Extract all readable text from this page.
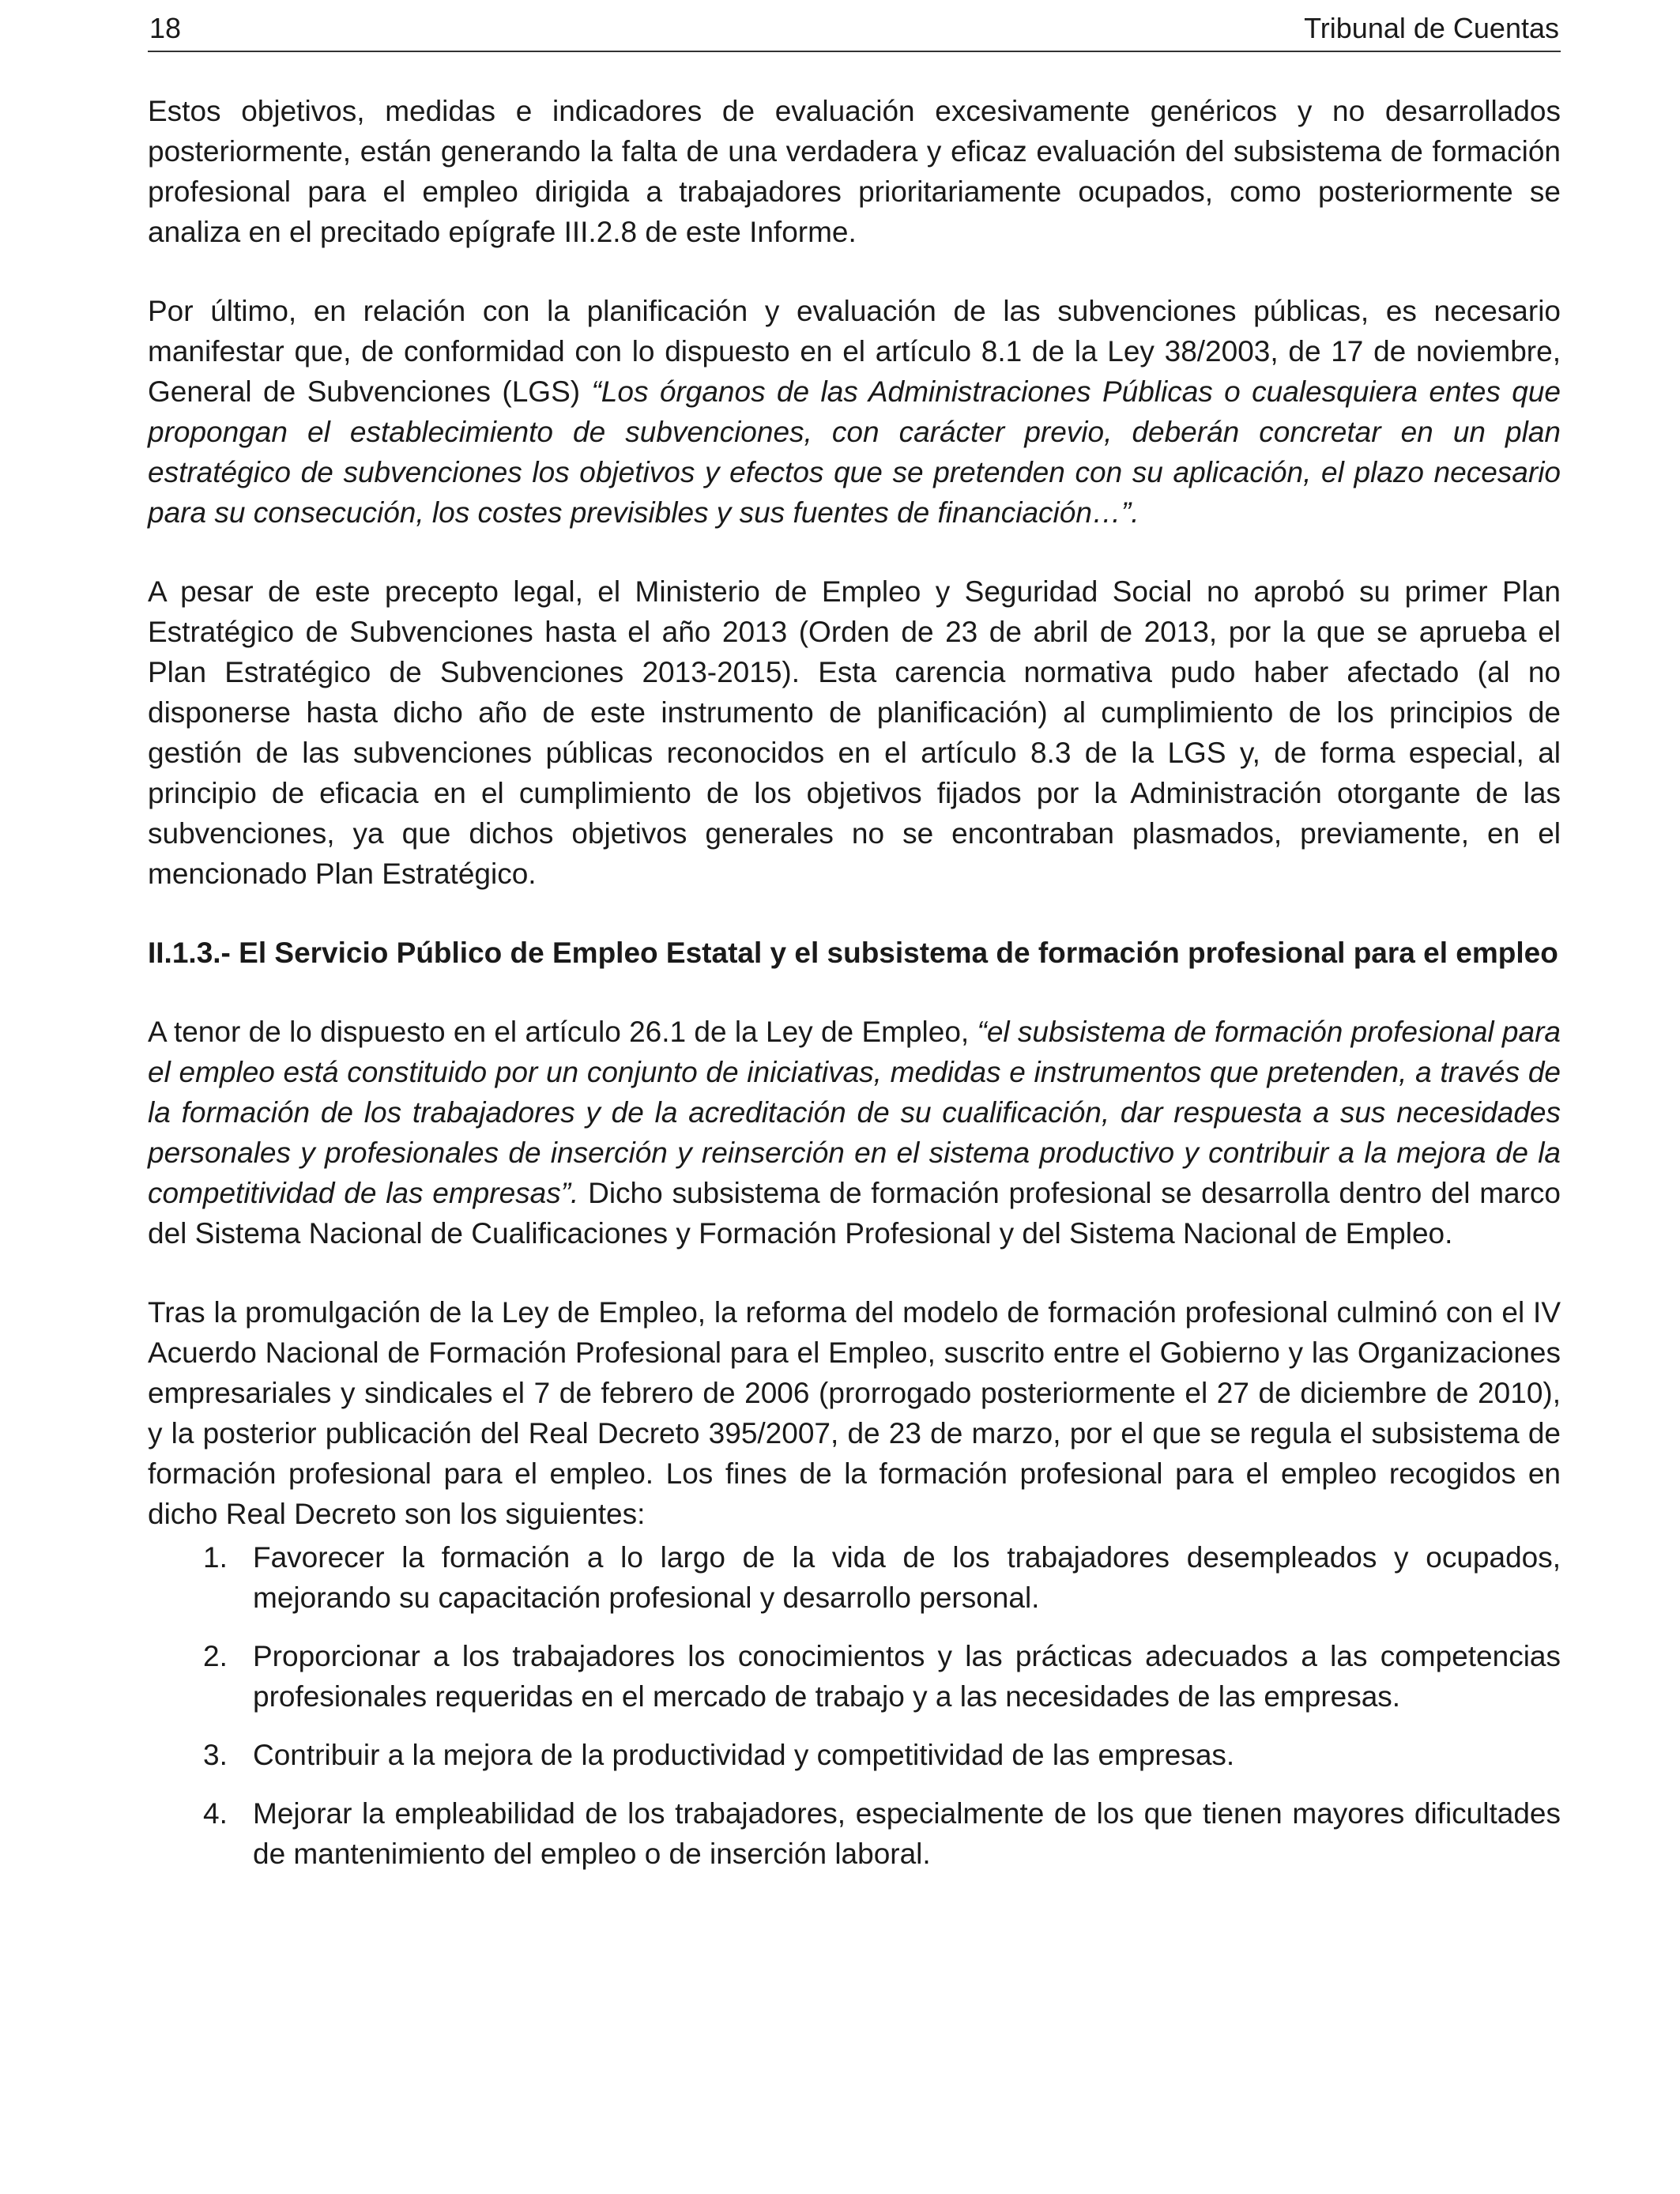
18	Tribunal de Cuentas

Estos objetivos, medidas e indicadores de evaluación excesivamente genéricos y no desarrollados posteriormente, están generando la falta de una verdadera y eficaz evaluación del subsistema de formación profesional para el empleo dirigida a trabajadores prioritariamente ocupados, como posteriormente se analiza en el precitado epígrafe III.2.8 de este Informe.

Por último, en relación con la planificación y evaluación de las subvenciones públicas, es necesario manifestar que, de conformidad con lo dispuesto en el artículo 8.1 de la Ley 38/2003, de 17 de noviembre, General de Subvenciones (LGS) “Los órganos de las Administraciones Públicas o cualesquiera entes que propongan el establecimiento de subvenciones, con carácter previo, deberán concretar en un plan estratégico de subvenciones los objetivos y efectos que se pretenden con su aplicación, el plazo necesario para su consecución, los costes previsibles y sus fuentes de financiación…”.

A pesar de este precepto legal, el Ministerio de Empleo y Seguridad Social no aprobó su primer Plan Estratégico de Subvenciones hasta el año 2013 (Orden de 23 de abril de 2013, por la que se aprueba el Plan Estratégico de Subvenciones 2013-2015). Esta carencia normativa pudo haber afectado (al no disponerse hasta dicho año de este instrumento de planificación) al cumplimiento de los principios de gestión de las subvenciones públicas reconocidos en el artículo 8.3 de la LGS y, de forma especial, al principio de eficacia en el cumplimiento de los objetivos fijados por la Administración otorgante de las subvenciones, ya que dichos objetivos generales no se encontraban plasmados, previamente, en el mencionado Plan Estratégico.

II.1.3.- El Servicio Público de Empleo Estatal y el subsistema de formación profesional para el empleo

A tenor de lo dispuesto en el artículo 26.1 de la Ley de Empleo, “el subsistema de formación profesional para el empleo está constituido por un conjunto de iniciativas, medidas e instrumentos que pretenden, a través de la formación de los trabajadores y de la acreditación de su cualificación, dar respuesta a sus necesidades personales y profesionales de inserción y reinserción en el sistema productivo y contribuir a la mejora de la competitividad de las empresas”. Dicho subsistema de formación profesional se desarrolla dentro del marco del Sistema Nacional de Cualificaciones y Formación Profesional y del Sistema Nacional de Empleo.

Tras la promulgación de la Ley de Empleo, la reforma del modelo de formación profesional culminó con el IV Acuerdo Nacional de Formación Profesional para el Empleo, suscrito entre el Gobierno y las Organizaciones empresariales y sindicales el 7 de febrero de 2006 (prorrogado posteriormente el 27 de diciembre de 2010), y la posterior publicación del Real Decreto 395/2007, de 23 de marzo, por el que se regula el subsistema de formación profesional para el empleo. Los fines de la formación profesional para el empleo recogidos en dicho Real Decreto son los siguientes:

1. Favorecer la formación a lo largo de la vida de los trabajadores desempleados y ocupados, mejorando su capacitación profesional y desarrollo personal.
2. Proporcionar a los trabajadores los conocimientos y las prácticas adecuados a las competencias profesionales requeridas en el mercado de trabajo y a las necesidades de las empresas.
3. Contribuir a la mejora de la productividad y competitividad de las empresas.
4. Mejorar la empleabilidad de los trabajadores, especialmente de los que tienen mayores dificultades de mantenimiento del empleo o de inserción laboral.
